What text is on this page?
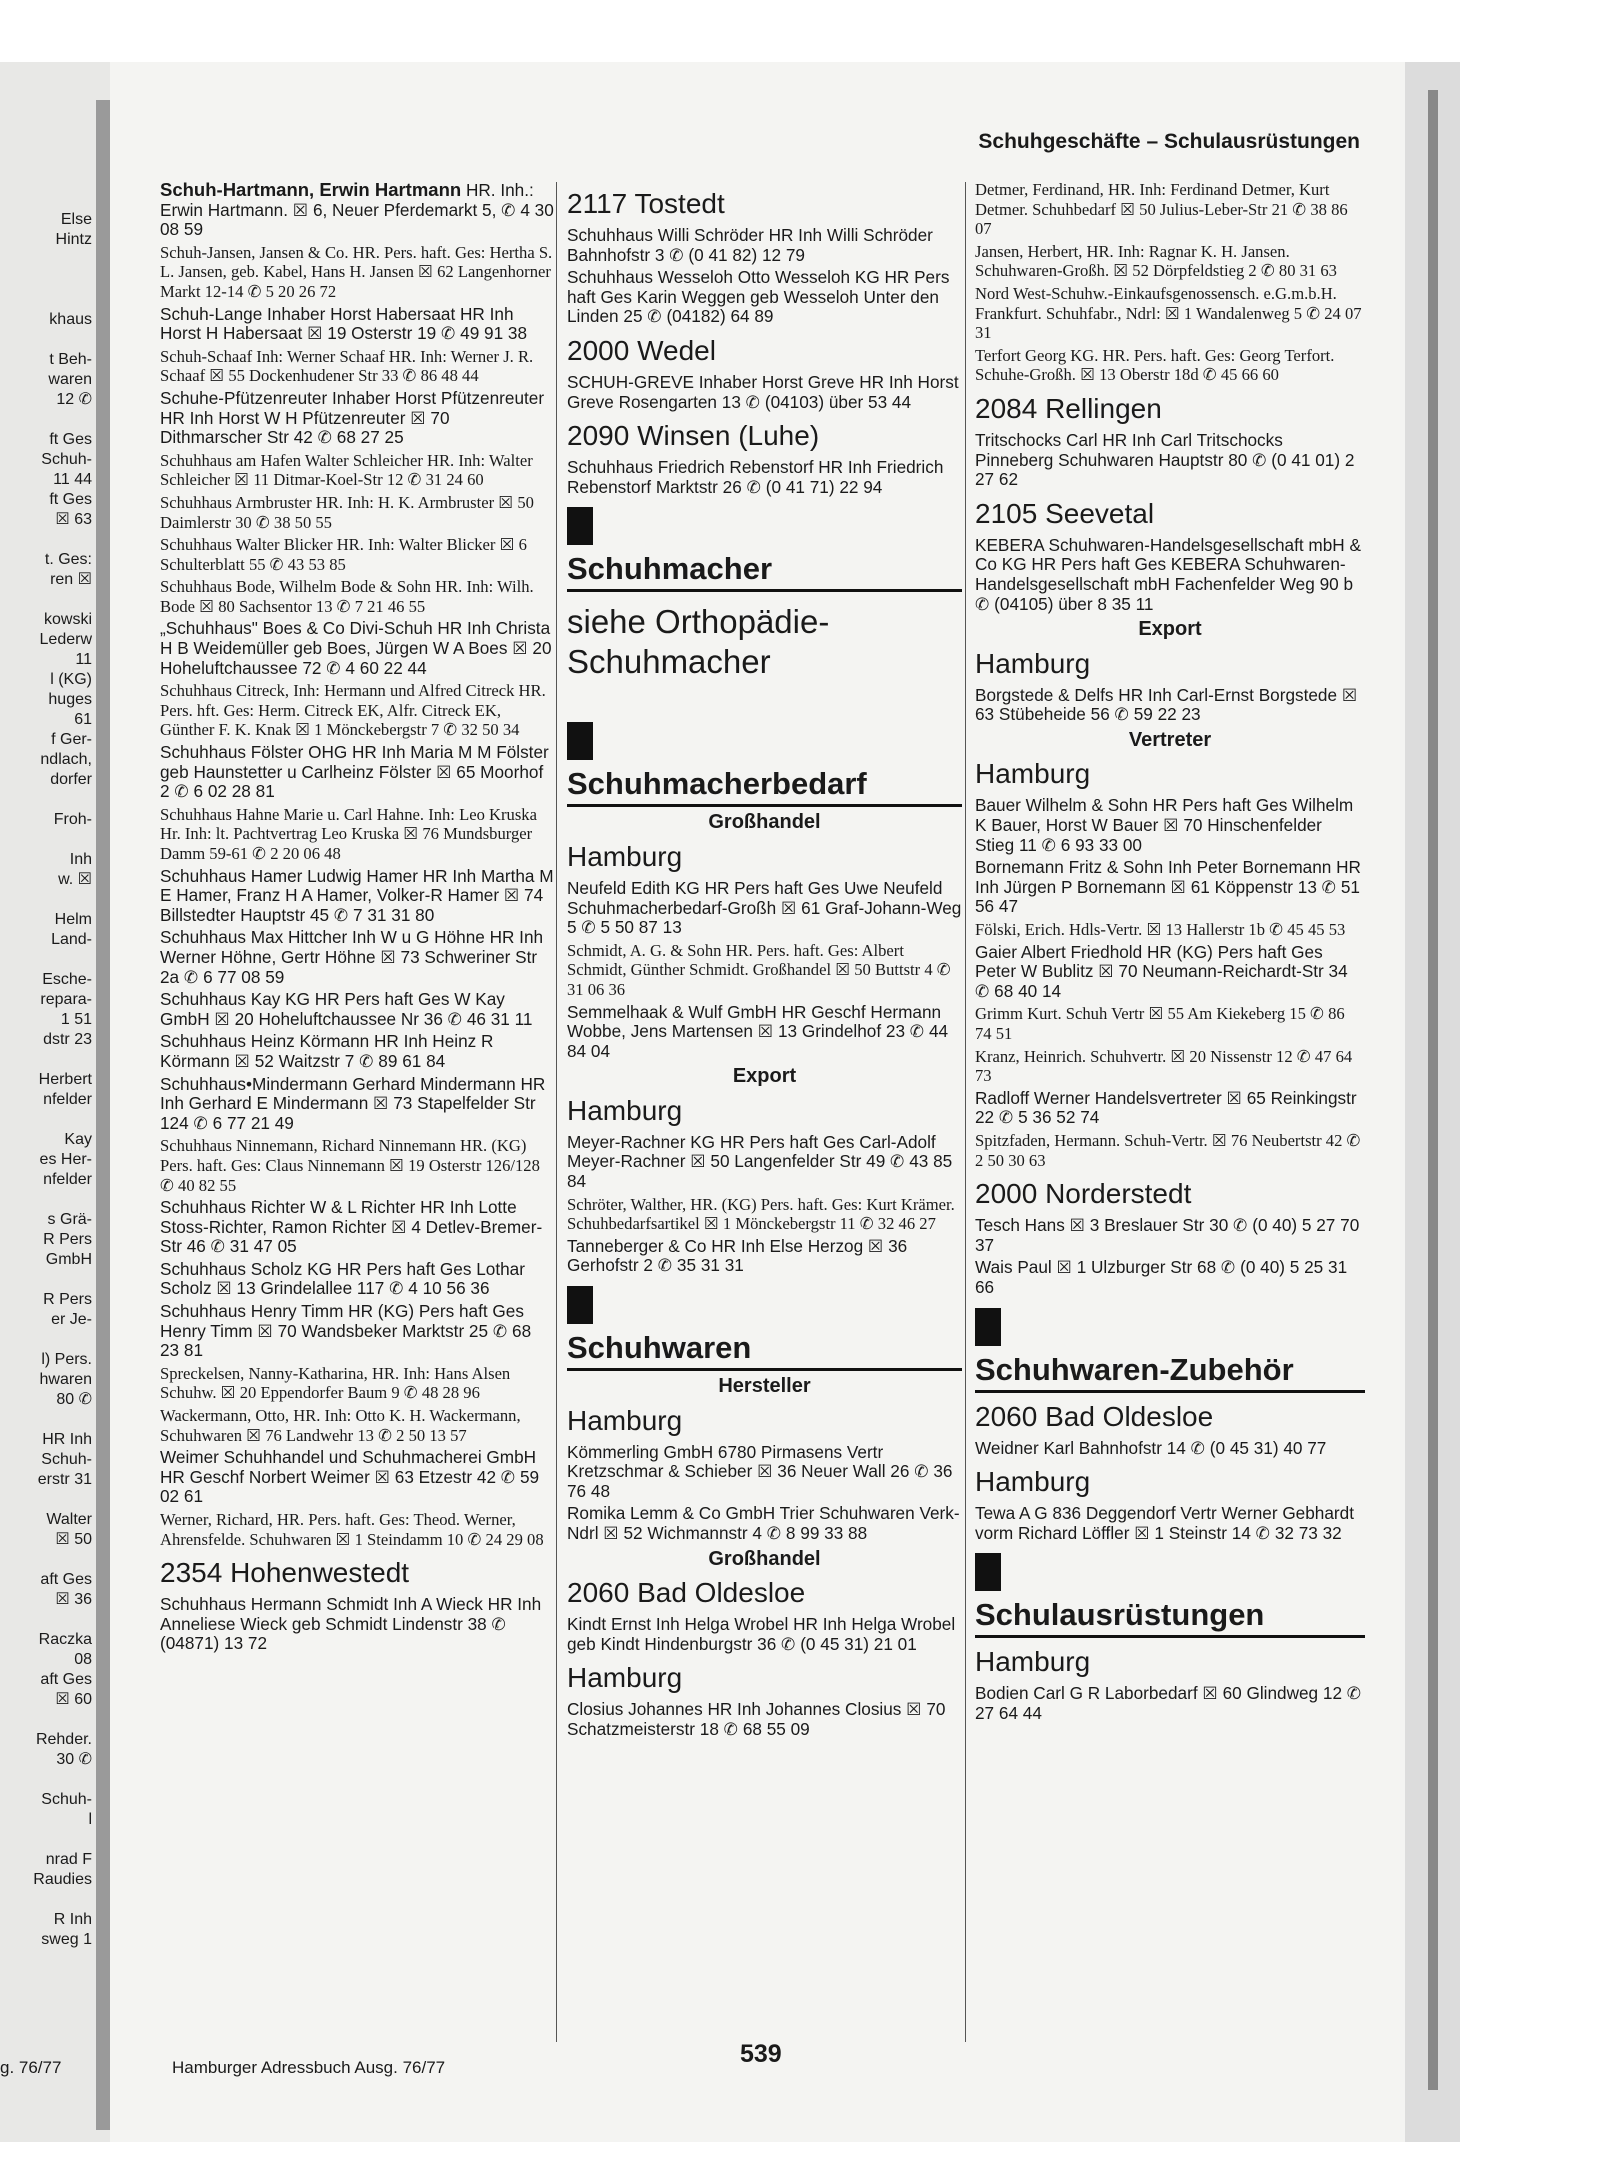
Else
Hintz

khaus

t Beh-
waren
12 ✆

ft Ges
Schuh-
11 44
ft Ges
☒ 63

t. Ges:
ren ☒

kowski
Lederw
11
l (KG)
huges
61
f Ger-
ndlach,
dorfer

Froh-

Inh
w. ☒

Helm
Land-

Esche-
repara-
1 51
dstr 23

Herbert
nfelder

Kay
es Her-
nfelder

s Grä-
R Pers
GmbH

R Pers
er Je-

l) Pers.
hwaren
80 ✆

HR Inh
Schuh-
erstr 31

Walter
☒ 50

aft Ges
☒ 36

Raczka
08
aft Ges
☒ 60

Rehder.
30 ✆

Schuh-
l

nrad F
Raudies

R Inh
sweg 1
Schuhgeschäfte – Schulausrüstungen
Schuh-Hartmann, Erwin Hartmann HR. Inh.: Erwin Hartmann. ☒ 6, Neuer Pferdemarkt 5, ✆ 4 30 08 59
Schuh-Jansen, Jansen & Co. HR. Pers. haft. Ges: Hertha S. L. Jansen, geb. Kabel, Hans H. Jansen ☒ 62 Langenhorner Markt 12-14 ✆ 5 20 26 72
Schuh-Lange Inhaber Horst Habersaat HR Inh Horst H Habersaat ☒ 19 Osterstr 19 ✆ 49 91 38
Schuh-Schaaf Inh: Werner Schaaf HR. Inh: Werner J. R. Schaaf ☒ 55 Dockenhudener Str 33 ✆ 86 48 44
Schuhe-Pfützenreuter Inhaber Horst Pfützenreuter HR Inh Horst W H Pfützenreuter ☒ 70 Dithmarscher Str 42 ✆ 68 27 25
Schuhhaus am Hafen Walter Schleicher HR. Inh: Walter Schleicher ☒ 11 Ditmar-Koel-Str 12 ✆ 31 24 60
Schuhhaus Armbruster HR. Inh: H. K. Armbruster ☒ 50 Daimlerstr 30 ✆ 38 50 55
Schuhhaus Walter Blicker HR. Inh: Walter Blicker ☒ 6 Schulterblatt 55 ✆ 43 53 85
Schuhhaus Bode, Wilhelm Bode & Sohn HR. Inh: Wilh. Bode ☒ 80 Sachsentor 13 ✆ 7 21 46 55
„Schuhhaus" Boes & Co Divi-Schuh HR Inh Christa H B Weidemüller geb Boes, Jürgen W A Boes ☒ 20 Hoheluftchaussee 72 ✆ 4 60 22 44
Schuhhaus Citreck, Inh: Hermann und Alfred Citreck HR. Pers. hft. Ges: Herm. Citreck EK, Alfr. Citreck EK, Günther F. K. Knak ☒ 1 Mönckebergstr 7 ✆ 32 50 34
Schuhhaus Fölster OHG HR Inh Maria M M Fölster geb Haunstetter u Carlheinz Fölster ☒ 65 Moorhof 2 ✆ 6 02 28 81
Schuhhaus Hahne Marie u. Carl Hahne. Inh: Leo Kruska Hr. Inh: lt. Pachtvertrag Leo Kruska ☒ 76 Mundsburger Damm 59-61 ✆ 2 20 06 48
Schuhhaus Hamer Ludwig Hamer HR Inh Martha M E Hamer, Franz H A Hamer, Volker-R Hamer ☒ 74 Billstedter Hauptstr 45 ✆ 7 31 31 80
Schuhhaus Max Hittcher Inh W u G Höhne HR Inh Werner Höhne, Gertr Höhne ☒ 73 Schweriner Str 2a ✆ 6 77 08 59
Schuhhaus Kay KG HR Pers haft Ges W Kay GmbH ☒ 20 Hoheluftchaussee Nr 36 ✆ 46 31 11
Schuhhaus Heinz Körmann HR Inh Heinz R Körmann ☒ 52 Waitzstr 7 ✆ 89 61 84
Schuhhaus•Mindermann Gerhard Mindermann HR Inh Gerhard E Mindermann ☒ 73 Stapelfelder Str 124 ✆ 6 77 21 49
Schuhhaus Ninnemann, Richard Ninnemann HR. (KG) Pers. haft. Ges: Claus Ninnemann ☒ 19 Osterstr 126/128 ✆ 40 82 55
Schuhhaus Richter W & L Richter HR Inh Lotte Stoss-Richter, Ramon Richter ☒ 4 Detlev-Bremer-Str 46 ✆ 31 47 05
Schuhhaus Scholz KG HR Pers haft Ges Lothar Scholz ☒ 13 Grindelallee 117 ✆ 4 10 56 36
Schuhhaus Henry Timm HR (KG) Pers haft Ges Henry Timm ☒ 70 Wandsbeker Marktstr 25 ✆ 68 23 81
Spreckelsen, Nanny-Katharina, HR. Inh: Hans Alsen Schuhw. ☒ 20 Eppendorfer Baum 9 ✆ 48 28 96
Wackermann, Otto, HR. Inh: Otto K. H. Wackermann, Schuhwaren ☒ 76 Landwehr 13 ✆ 2 50 13 57
Weimer Schuhhandel und Schuhmacherei GmbH HR Geschf Norbert Weimer ☒ 63 Etzestr 42 ✆ 59 02 61
Werner, Richard, HR. Pers. haft. Ges: Theod. Werner, Ahrensfelde. Schuhwaren ☒ 1 Steindamm 10 ✆ 24 29 08
2354 Hohenwestedt
Schuhhaus Hermann Schmidt Inh A Wieck HR Inh Anneliese Wieck geb Schmidt Lindenstr 38 ✆ (04871) 13 72
2117 Tostedt
Schuhhaus Willi Schröder HR Inh Willi Schröder Bahnhofstr 3 ✆ (0 41 82) 12 79
Schuhhaus Wesseloh Otto Wesseloh KG HR Pers haft Ges Karin Weggen geb Wesseloh Unter den Linden 25 ✆ (04182) 64 89
2000 Wedel
SCHUH-GREVE Inhaber Horst Greve HR Inh Horst Greve Rosengarten 13 ✆ (04103) über 53 44
2090 Winsen (Luhe)
Schuhhaus Friedrich Rebenstorf HR Inh Friedrich Rebenstorf Marktstr 26 ✆ (0 41 71) 22 94
Schuhmacher
siehe Orthopädie-Schuhmacher
Schuhmacherbedarf
Großhandel
Hamburg
Neufeld Edith KG HR Pers haft Ges Uwe Neufeld Schuhmacherbedarf-Großh ☒ 61 Graf-Johann-Weg 5 ✆ 5 50 87 13
Schmidt, A. G. & Sohn HR. Pers. haft. Ges: Albert Schmidt, Günther Schmidt. Großhandel ☒ 50 Buttstr 4 ✆ 31 06 36
Semmelhaak & Wulf GmbH HR Geschf Hermann Wobbe, Jens Martensen ☒ 13 Grindelhof 23 ✆ 44 84 04
Export
Hamburg
Meyer-Rachner KG HR Pers haft Ges Carl-Adolf Meyer-Rachner ☒ 50 Langenfelder Str 49 ✆ 43 85 84
Schröter, Walther, HR. (KG) Pers. haft. Ges: Kurt Krämer. Schuhbedarfsartikel ☒ 1 Mönckebergstr 11 ✆ 32 46 27
Tanneberger & Co HR Inh Else Herzog ☒ 36 Gerhofstr 2 ✆ 35 31 31
Schuhwaren
Hersteller
Hamburg
Kömmerling GmbH 6780 Pirmasens Vertr Kretzschmar & Schieber ☒ 36 Neuer Wall 26 ✆ 36 76 48
Romika Lemm & Co GmbH Trier Schuhwaren Verk-Ndrl ☒ 52 Wichmannstr 4 ✆ 8 99 33 88
Großhandel
2060 Bad Oldesloe
Kindt Ernst Inh Helga Wrobel HR Inh Helga Wrobel geb Kindt Hindenburgstr 36 ✆ (0 45 31) 21 01
Hamburg
Closius Johannes HR Inh Johannes Closius ☒ 70 Schatzmeisterstr 18 ✆ 68 55 09
Detmer, Ferdinand, HR. Inh: Ferdinand Detmer, Kurt Detmer. Schuhbedarf ☒ 50 Julius-Leber-Str 21 ✆ 38 86 07
Jansen, Herbert, HR. Inh: Ragnar K. H. Jansen. Schuhwaren-Großh. ☒ 52 Dörpfeldstieg 2 ✆ 80 31 63
Nord West-Schuhw.-Einkaufsgenossensch. e.G.m.b.H. Frankfurt. Schuhfabr., Ndrl: ☒ 1 Wandalenweg 5 ✆ 24 07 31
Terfort Georg KG. HR. Pers. haft. Ges: Georg Terfort. Schuhe-Großh. ☒ 13 Oberstr 18d ✆ 45 66 60
2084 Rellingen
Tritschocks Carl HR Inh Carl Tritschocks Pinneberg Schuhwaren Hauptstr 80 ✆ (0 41 01) 2 27 62
2105 Seevetal
KEBERA Schuhwaren-Handelsgesellschaft mbH & Co KG HR Pers haft Ges KEBERA Schuhwaren-Handelsgesellschaft mbH Fachenfelder Weg 90 b ✆ (04105) über 8 35 11
Export
Hamburg
Borgstede & Delfs HR Inh Carl-Ernst Borgstede ☒ 63 Stübeheide 56 ✆ 59 22 23
Vertreter
Hamburg
Bauer Wilhelm & Sohn HR Pers haft Ges Wilhelm K Bauer, Horst W Bauer ☒ 70 Hinschenfelder Stieg 11 ✆ 6 93 33 00
Bornemann Fritz & Sohn Inh Peter Bornemann HR Inh Jürgen P Bornemann ☒ 61 Köppenstr 13 ✆ 51 56 47
Fölski, Erich. Hdls-Vertr. ☒ 13 Hallerstr 1b ✆ 45 45 53
Gaier Albert Friedhold HR (KG) Pers haft Ges Peter W Bublitz ☒ 70 Neumann-Reichardt-Str 34 ✆ 68 40 14
Grimm Kurt. Schuh Vertr ☒ 55 Am Kiekeberg 15 ✆ 86 74 51
Kranz, Heinrich. Schuhvertr. ☒ 20 Nissenstr 12 ✆ 47 64 73
Radloff Werner Handelsvertreter ☒ 65 Reinkingstr 22 ✆ 5 36 52 74
Spitzfaden, Hermann. Schuh-Vertr. ☒ 76 Neubertstr 42 ✆ 2 50 30 63
2000 Norderstedt
Tesch Hans ☒ 3 Breslauer Str 30 ✆ (0 40) 5 27 70 37
Wais Paul ☒ 1 Ulzburger Str 68 ✆ (0 40) 5 25 31 66
Schuhwaren-Zubehör
2060 Bad Oldesloe
Weidner Karl Bahnhofstr 14 ✆ (0 45 31) 40 77
Hamburg
Tewa A G 836 Deggendorf Vertr Werner Gebhardt vorm Richard Löffler ☒ 1 Steinstr 14 ✆ 32 73 32
Schulausrüstungen
Hamburg
Bodien Carl G R Laborbedarf ☒ 60 Glindweg 12 ✆ 27 64 44
g. 76/77	Hamburger Adressbuch Ausg. 76/77	539
